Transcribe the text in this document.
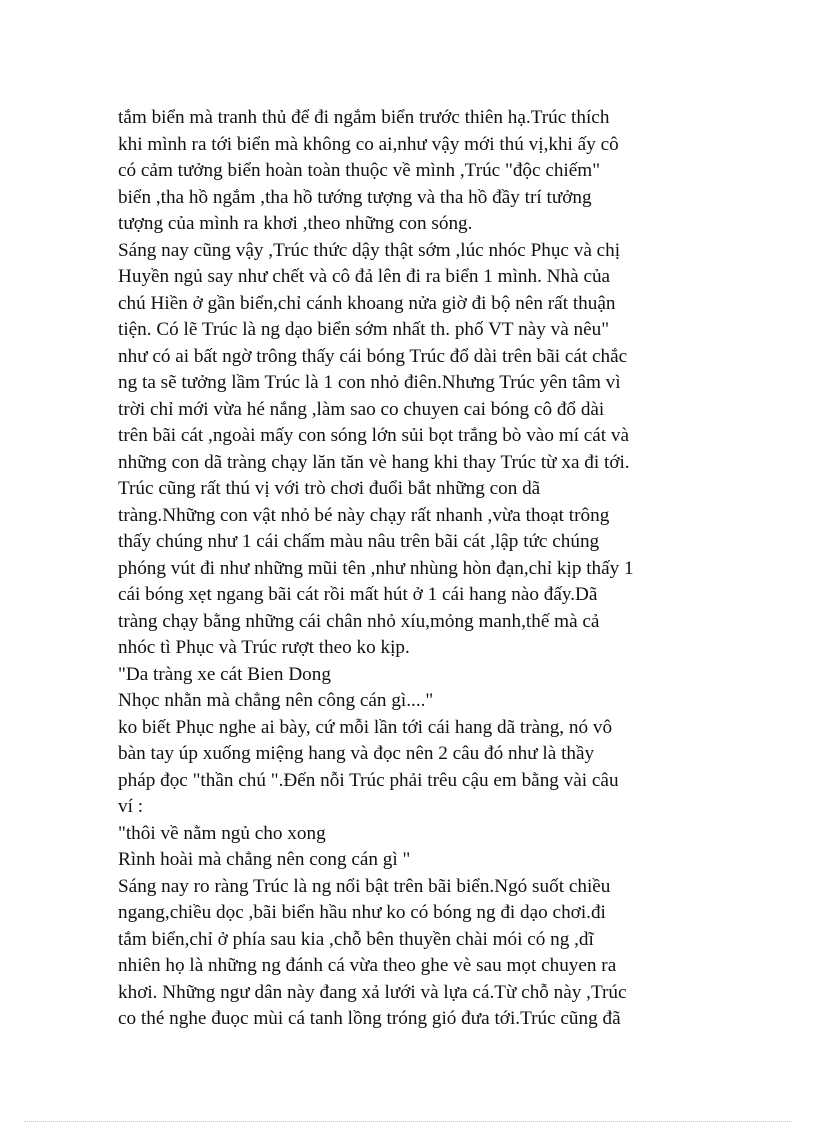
tắm biển mà tranh thủ để đi ngắm biển trước thiên hạ.Trúc thích
khi mình ra tới biển mà không co ai,như vậy mới thú vị,khi ấy cô
có cảm tưởng biển hoàn toàn thuộc về mình ,Trúc "độc chiếm"
biển ,tha hồ ngắm ,tha hồ tướng tượng và tha hồ đầy trí tưởng
tượng của mình ra khơi ,theo những con sóng.
Sáng nay cũng vậy ,Trúc thức dậy thật sớm ,lúc nhóc Phục và chị
Huyền ngủ say như chết và cô đả lên đi ra biển 1 mình. Nhà của
chú Hiền ở gần biển,chỉ cánh khoang nửa giờ đi bộ nên rất thuận
tiện. Có lẽ Trúc là ng dạo biển sớm nhất th. phố VT này và nêu"
như có ai bất ngờ trông thấy cái bóng Trúc đổ dài trên bãi cát chắc
ng ta sẽ tưởng lầm Trúc là 1 con nhỏ điên.Nhưng Trúc yên tâm vì
trời chỉ mới vừa hé nắng ,làm sao co chuyen cai bóng cô đổ dài
trên bãi cát ,ngoài mấy con sóng lớn sủi bọt trắng bò vào mí cát và
những con dã tràng chạy lăn tăn vè hang khi thay Trúc từ xa đi tới.
Trúc cũng rất thú vị với trò chơi đuổi bắt những con dã
tràng.Những con vật nhỏ bé này chạy rất nhanh ,vừa thoạt trông
thấy chúng như 1 cái chấm màu nâu trên bãi cát ,lập tức chúng
phóng vút đi như những mũi tên ,như nhùng hòn đạn,chỉ kịp thấy 1
cái bóng xẹt ngang bãi cát rồi mất hút ở 1 cái hang nào đấy.Dã
tràng chạy bằng những cái chân nhỏ xíu,mỏng manh,thế mà cả
nhóc tì Phục và Trúc rượt theo ko kịp.
"Da tràng xe cát Bien Dong
Nhọc nhằn mà chẳng nên công cán gì...."
ko biết Phục nghe ai bày, cứ mỗi lần tới cái hang dã tràng, nó vô
bàn tay úp xuống miệng hang và đọc nên 2 câu đó như là thầy
pháp đọc "thần chú ".Đến nỗi Trúc phải trêu cậu em bằng vài câu
ví :
"thôi về nằm ngủ cho xong
Rình hoài mà chẳng nên cong cán gì "
Sáng nay ro ràng Trúc là ng nổi bật trên bãi biển.Ngó suốt chiều
ngang,chiều dọc ,bãi biển hầu như ko có bóng ng đi dạo chơi.đi
tắm biển,chỉ ở phía sau kia ,chỗ bên thuyền chài mói có ng ,dĩ
nhiên họ là những ng đánh cá vừa theo ghe vè sau mọt chuyen ra
khơi. Những ngư dân này đang xả lưới và lựa cá.Từ chỗ này ,Trúc
co thé nghe đuọc mùi cá tanh lồng tróng gió đưa tới.Trúc cũng đã
